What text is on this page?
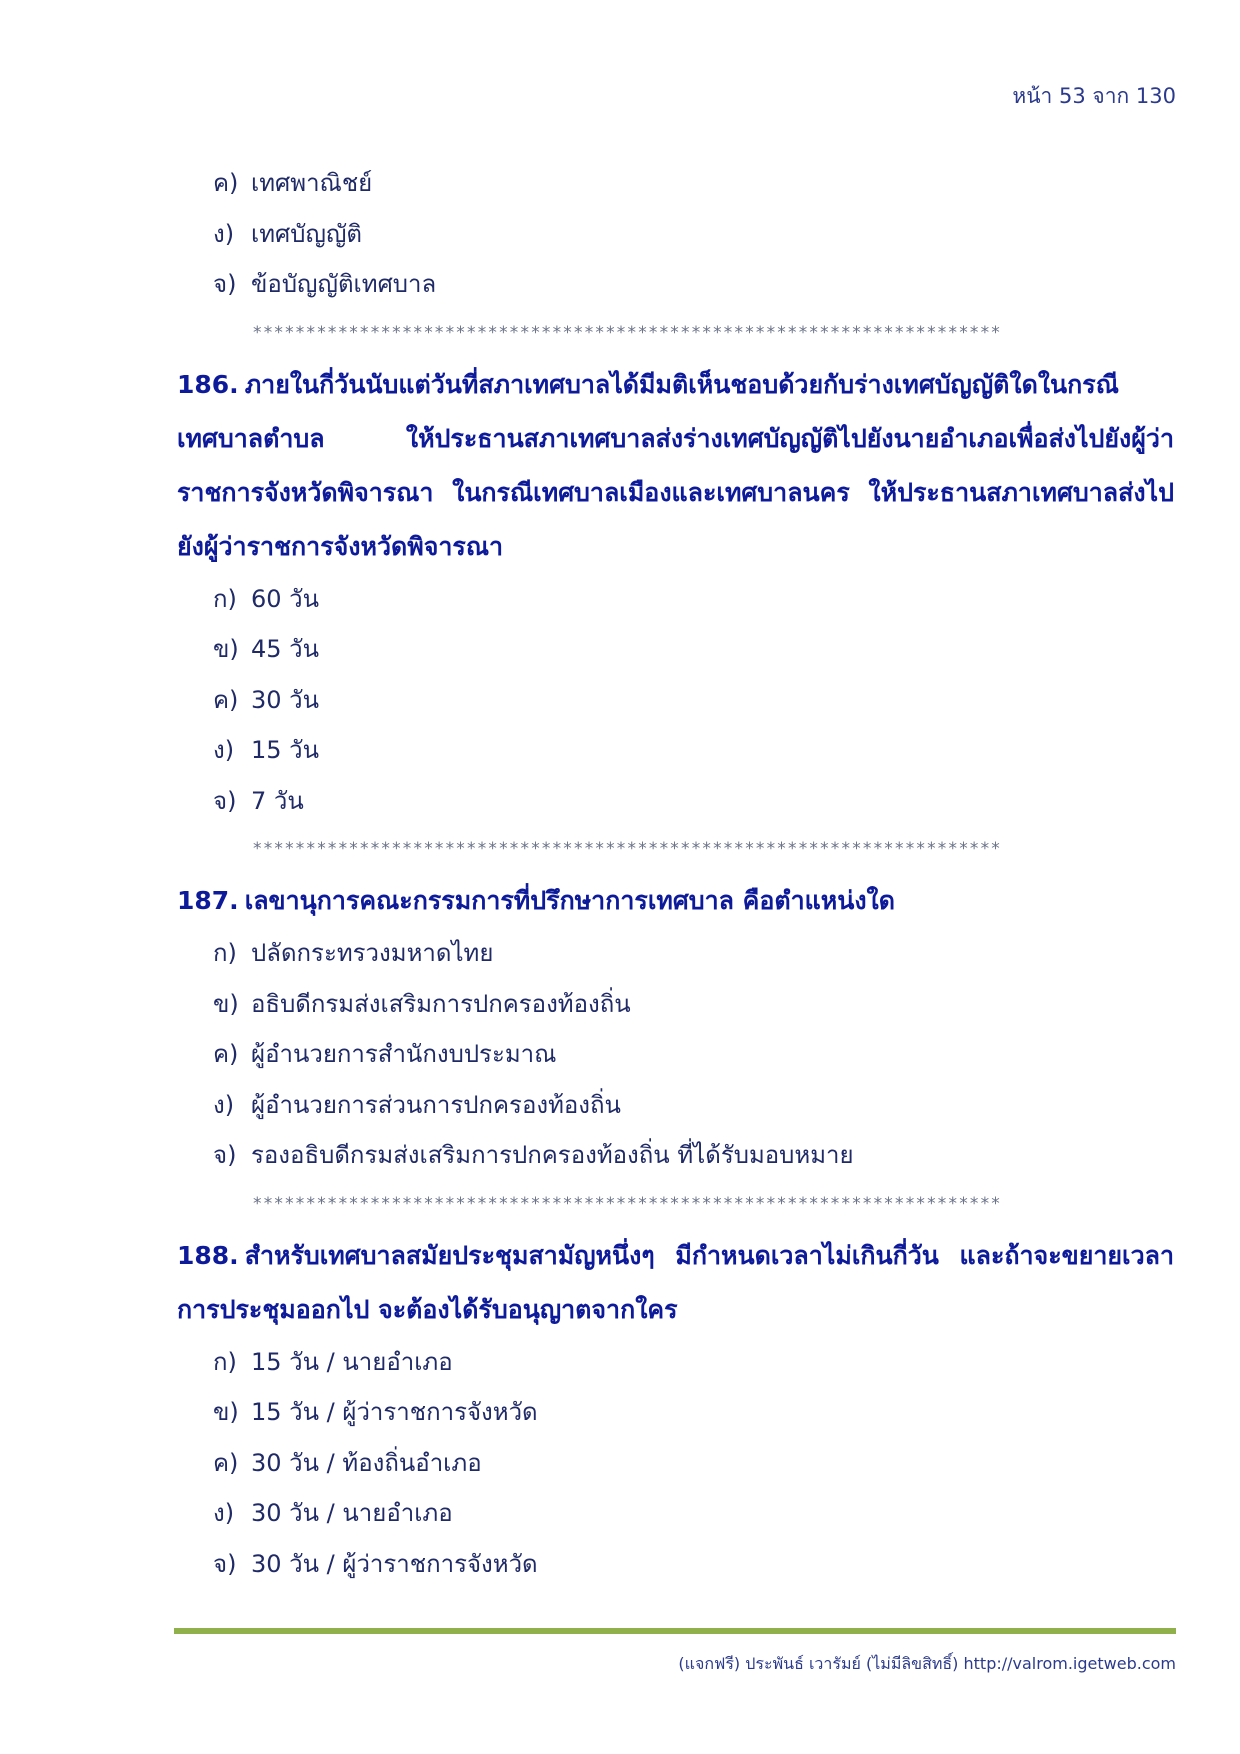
หน้า 53 จาก 130
ค) เทศพาณิชย์
ง) เทศบัญญัติ
จ) ข้อบัญญัติเทศบาล
**********************************************************************
186. ภายในกี่วันนับแต่วันที่สภาเทศบาลได้มีมติเห็นชอบด้วยกับร่างเทศบัญญัติใดในกรณีเทศบาลตำบล ให้ประธานสภาเทศบาลส่งร่างเทศบัญญัติไปยังนายอำเภอเพื่อส่งไปยังผู้ว่าราชการจังหวัดพิจารณา ในกรณีเทศบาลเมืองและเทศบาลนคร ให้ประธานสภาเทศบาลส่งไปยังผู้ว่าราชการจังหวัดพิจารณา
ก) 60 วัน
ข) 45 วัน
ค) 30 วัน
ง) 15 วัน
จ) 7 วัน
**********************************************************************
187. เลขานุการคณะกรรมการที่ปรึกษาการเทศบาล คือตำแหน่งใด
ก) ปลัดกระทรวงมหาดไทย
ข) อธิบดีกรมส่งเสริมการปกครองท้องถิ่น
ค) ผู้อำนวยการสำนักงบประมาณ
ง) ผู้อำนวยการส่วนการปกครองท้องถิ่น
จ) รองอธิบดีกรมส่งเสริมการปกครองท้องถิ่น ที่ได้รับมอบหมาย
**********************************************************************
188. สำหรับเทศบาลสมัยประชุมสามัญหนึ่งๆ มีกำหนดเวลาไม่เกินกี่วัน และถ้าจะขยายเวลาการประชุมออกไป จะต้องได้รับอนุญาตจากใคร
ก) 15 วัน / นายอำเภอ
ข) 15 วัน / ผู้ว่าราชการจังหวัด
ค) 30 วัน / ท้องถิ่นอำเภอ
ง) 30 วัน / นายอำเภอ
จ) 30 วัน / ผู้ว่าราชการจังหวัด
(แจกฟรี) ประพันธ์ เวารัมย์ (ไม่มีลิขสิทธิ์) http://valrom.igetweb.com
